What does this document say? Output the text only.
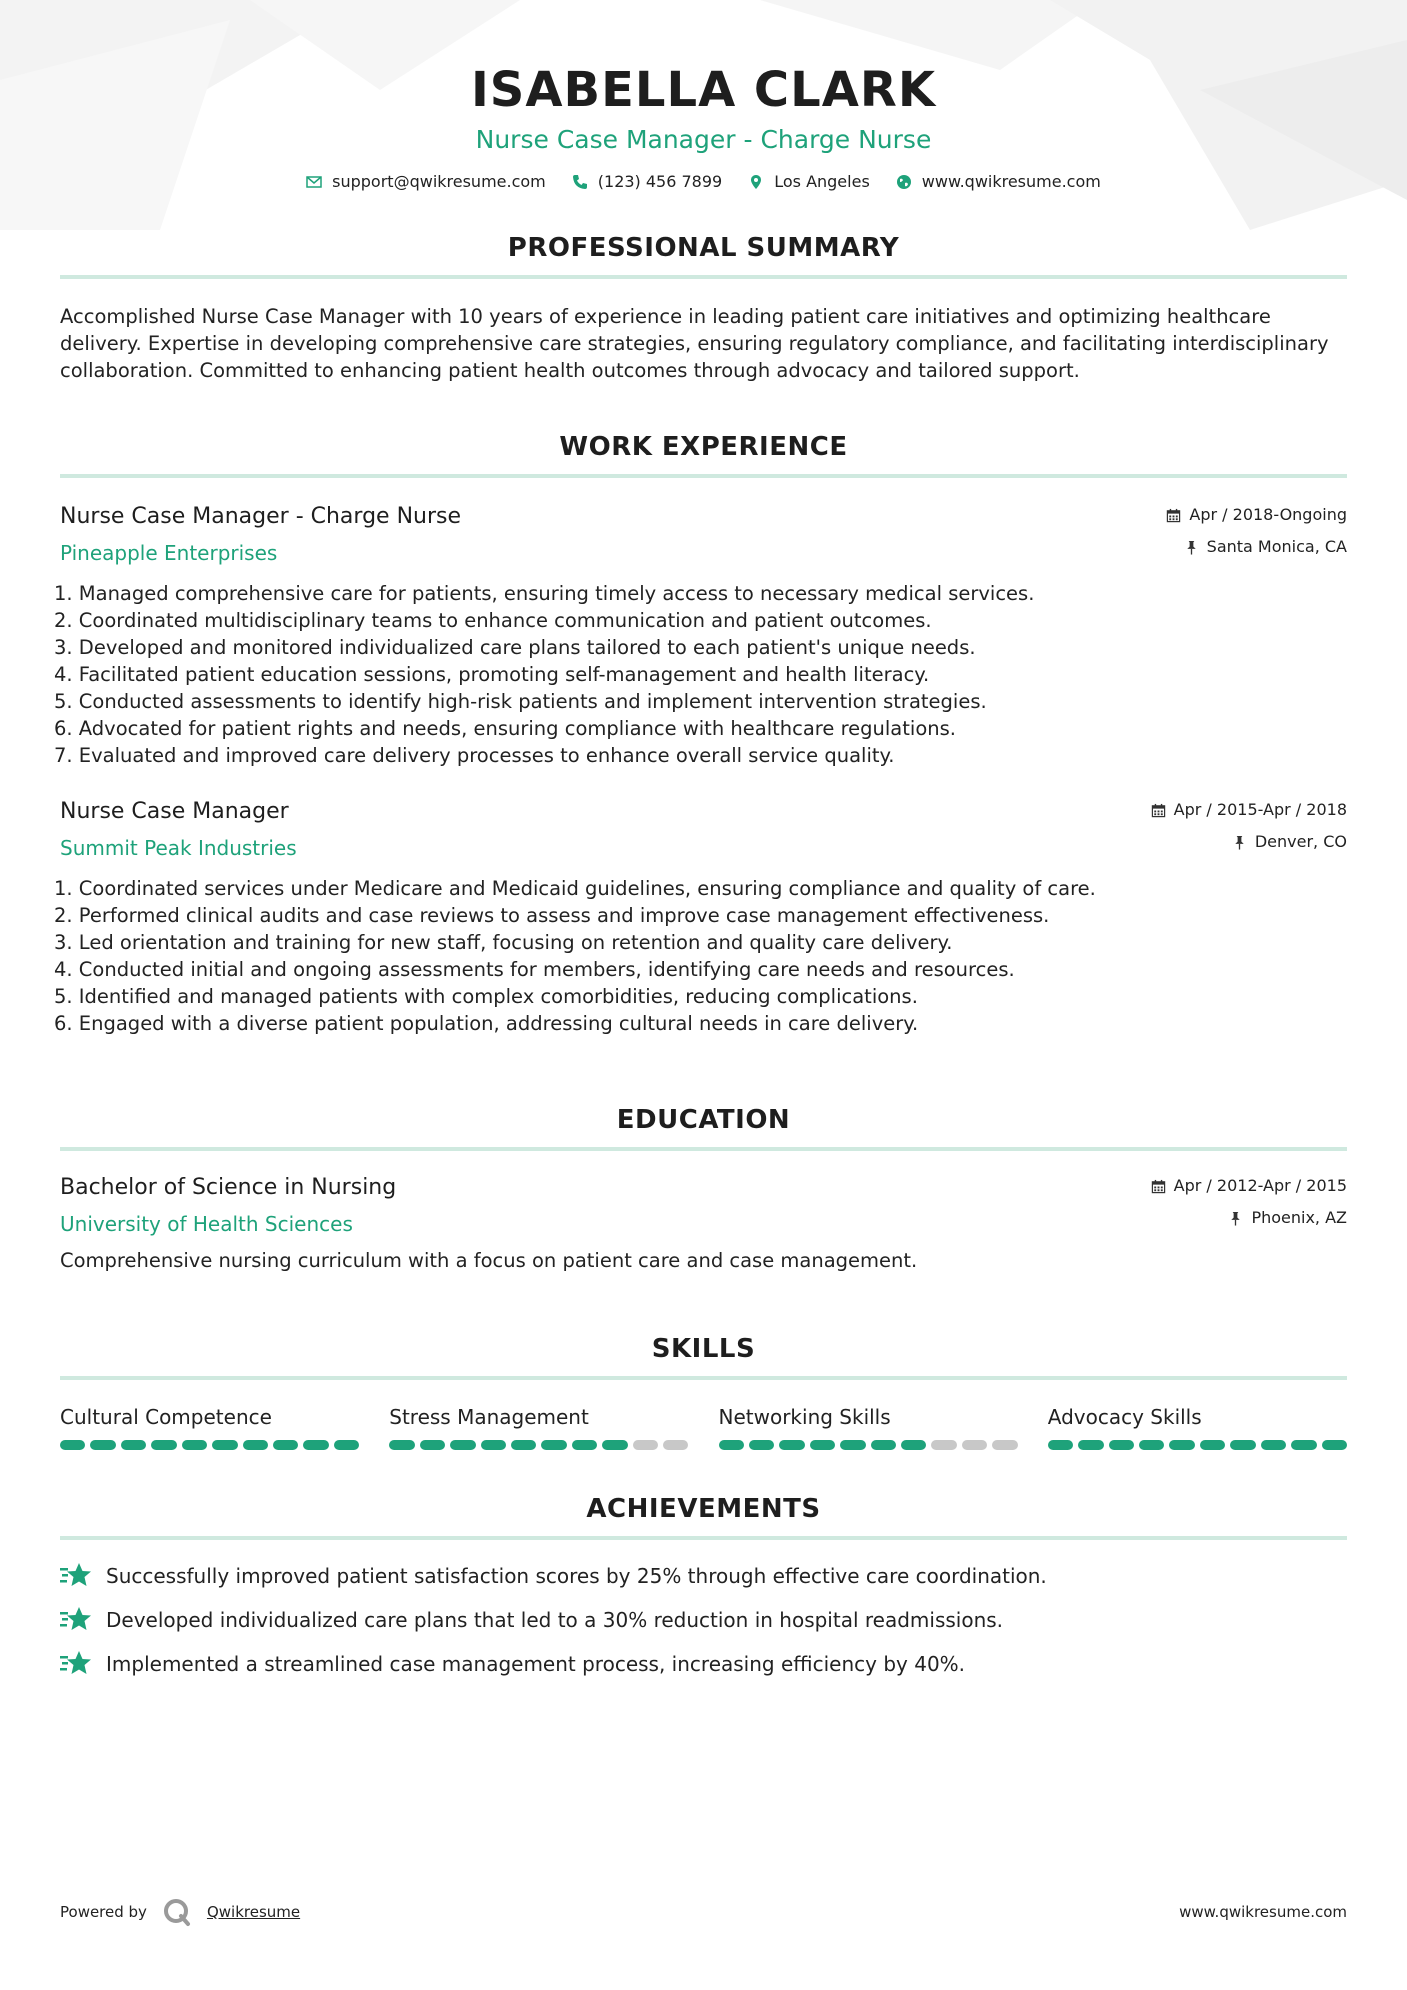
ISABELLA CLARK
Nurse Case Manager - Charge Nurse
support@qwikresume.com	(123) 456 7899	Los Angeles	www.qwikresume.com
PROFESSIONAL SUMMARY
Accomplished Nurse Case Manager with 10 years of experience in leading patient care initiatives and optimizing healthcare delivery. Expertise in developing comprehensive care strategies, ensuring regulatory compliance, and facilitating interdisciplinary collaboration. Committed to enhancing patient health outcomes through advocacy and tailored support.
WORK EXPERIENCE
Nurse Case Manager - Charge Nurse
Pineapple Enterprises
Apr / 2018-Ongoing
Santa Monica, CA
1. Managed comprehensive care for patients, ensuring timely access to necessary medical services.
2. Coordinated multidisciplinary teams to enhance communication and patient outcomes.
3. Developed and monitored individualized care plans tailored to each patient's unique needs.
4. Facilitated patient education sessions, promoting self-management and health literacy.
5. Conducted assessments to identify high-risk patients and implement intervention strategies.
6. Advocated for patient rights and needs, ensuring compliance with healthcare regulations.
7. Evaluated and improved care delivery processes to enhance overall service quality.
Nurse Case Manager
Summit Peak Industries
Apr / 2015-Apr / 2018
Denver, CO
1. Coordinated services under Medicare and Medicaid guidelines, ensuring compliance and quality of care.
2. Performed clinical audits and case reviews to assess and improve case management effectiveness.
3. Led orientation and training for new staff, focusing on retention and quality care delivery.
4. Conducted initial and ongoing assessments for members, identifying care needs and resources.
5. Identified and managed patients with complex comorbidities, reducing complications.
6. Engaged with a diverse patient population, addressing cultural needs in care delivery.
EDUCATION
Bachelor of Science in Nursing
University of Health Sciences
Apr / 2012-Apr / 2015
Phoenix, AZ
Comprehensive nursing curriculum with a focus on patient care and case management.
SKILLS
Cultural Competence	Stress Management	Networking Skills	Advocacy Skills
ACHIEVEMENTS
Successfully improved patient satisfaction scores by 25% through effective care coordination.
Developed individualized care plans that led to a 30% reduction in hospital readmissions.
Implemented a streamlined case management process, increasing efficiency by 40%.
Powered by	Qwikresume	www.qwikresume.com
